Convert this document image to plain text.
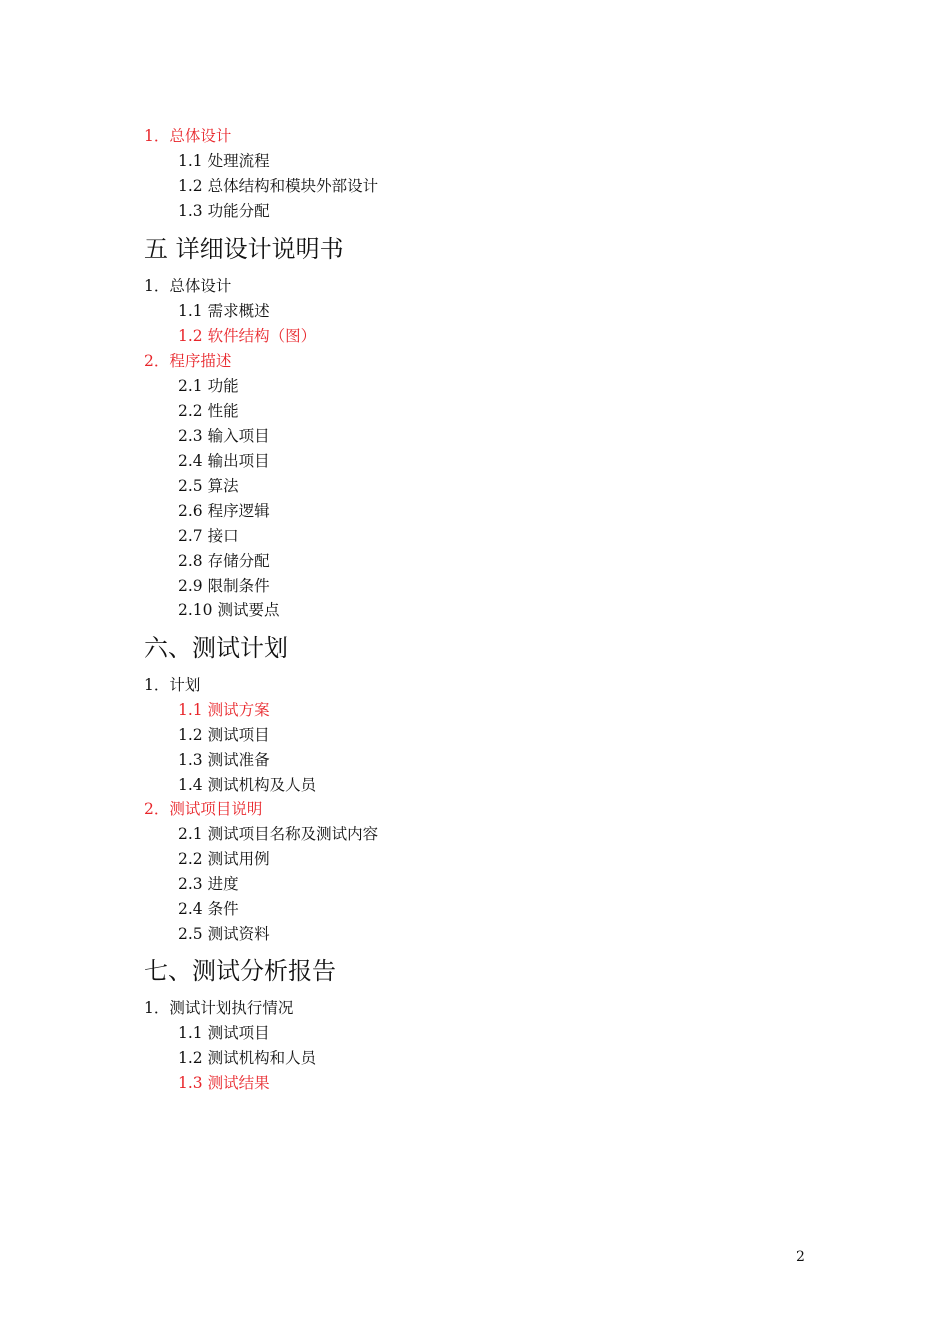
1．总体设计
1.1 处理流程
1.2 总体结构和模块外部设计
1.3 功能分配
五 详细设计说明书
1．总体设计
1.1 需求概述
1.2 软件结构（图）
2．程序描述
2.1 功能
2.2 性能
2.3 输入项目
2.4 输出项目
2.5 算法
2.6 程序逻辑
2.7 接口
2.8 存储分配
2.9 限制条件
2.10 测试要点
六、测试计划
1．计划
1.1 测试方案
1.2 测试项目
1.3 测试准备
1.4 测试机构及人员
2．测试项目说明
2.1 测试项目名称及测试内容
2.2 测试用例
2.3 进度
2.4 条件
2.5 测试资料
七、测试分析报告
1．测试计划执行情况
1.1 测试项目
1.2 测试机构和人员
1.3 测试结果
2
